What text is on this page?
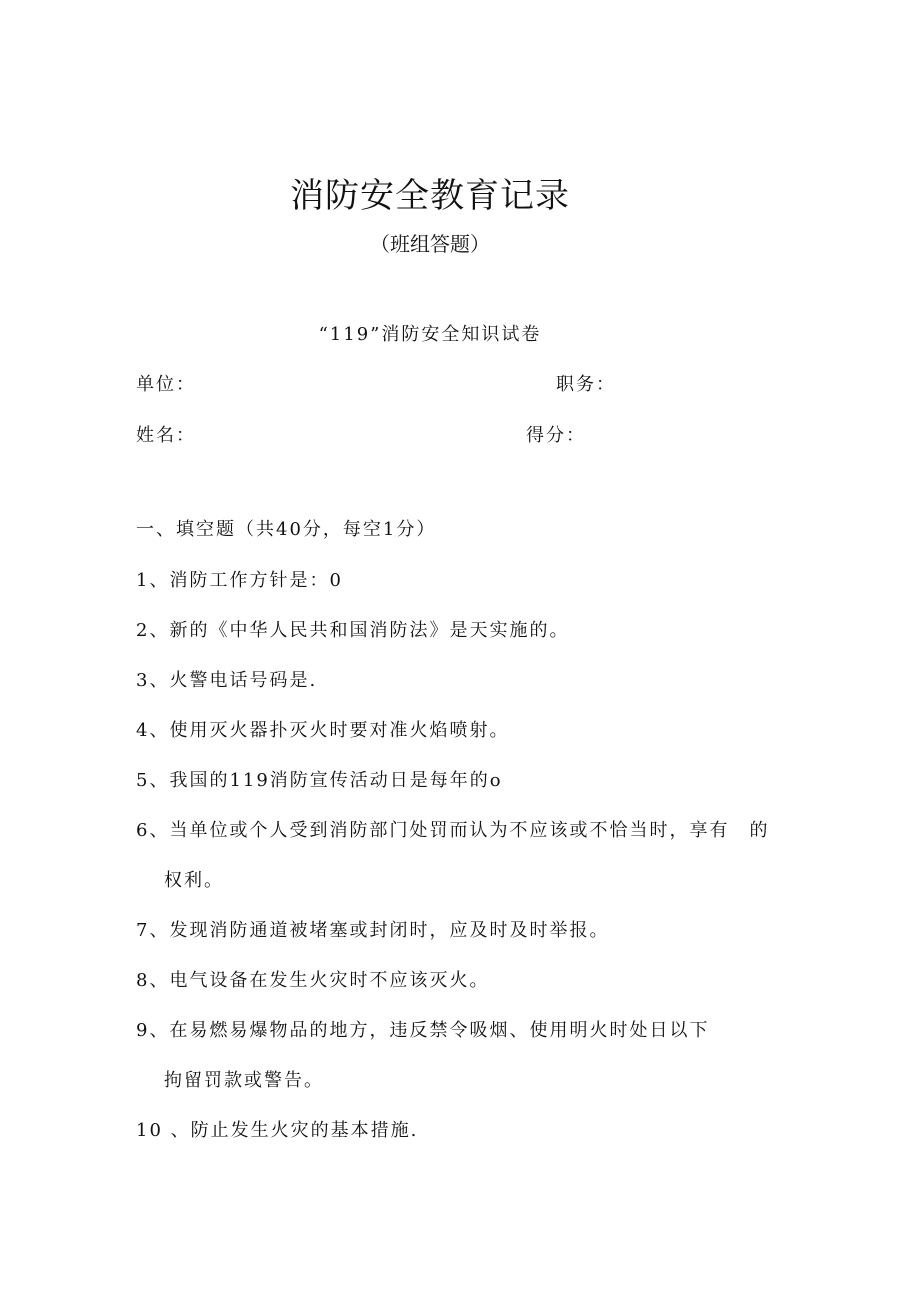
消防安全教育记录
（班组答题）
“119”消防安全知识试卷
单位：	职务：
姓名：	得分：
一、填空题（共40分，每空1分）
1、消防工作方针是：0
2、新的《中华人民共和国消防法》是天实施的。
3、火警电话号码是.
4、使用灭火器扑灭火时要对准火焰喷射。
5、我国的119消防宣传活动日是每年的o
6、当单位或个人受到消防部门处罚而认为不应该或不恰当时，享有　的
权利。
7、发现消防通道被堵塞或封闭时，应及时及时举报。
8、电气设备在发生火灾时不应该灭火。
9、在易燃易爆物品的地方，违反禁令吸烟、使用明火时处日以下
拘留罚款或警告。
10 、防止发生火灾的基本措施.
